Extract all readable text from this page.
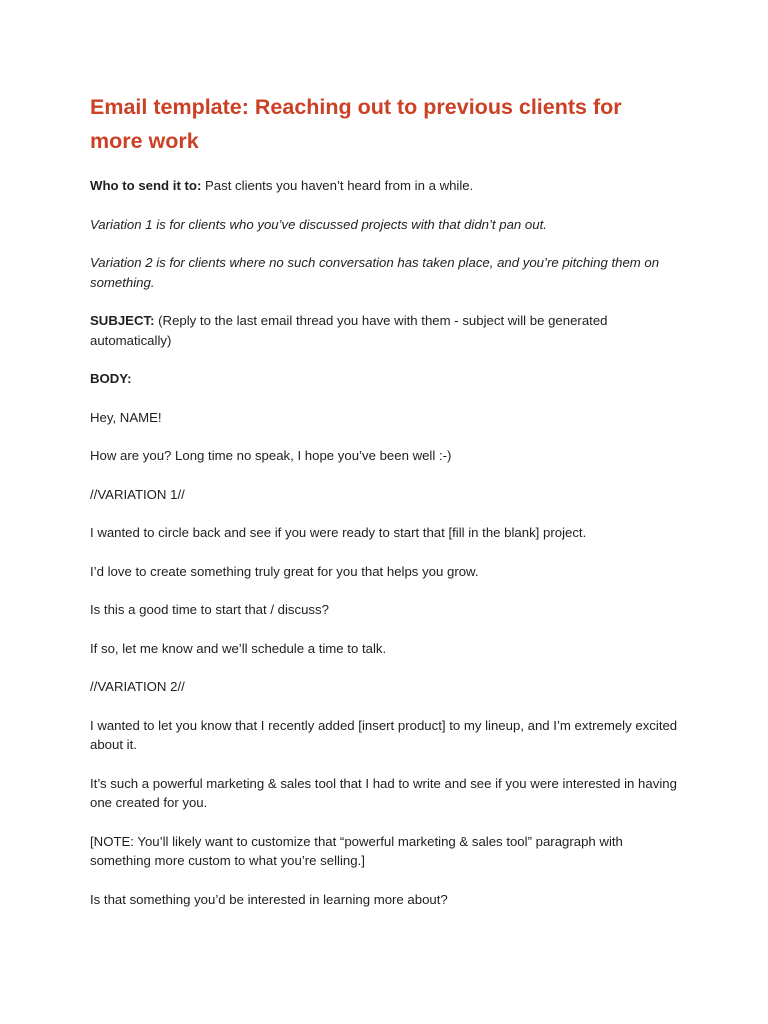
Email template: Reaching out to previous clients for more work

Who to send it to: Past clients you haven’t heard from in a while.

Variation 1 is for clients who you’ve discussed projects with that didn’t pan out.

Variation 2 is for clients where no such conversation has taken place, and you’re pitching them on something.

SUBJECT: (Reply to the last email thread you have with them - subject will be generated automatically)

BODY:

Hey, NAME!

How are you? Long time no speak, I hope you’ve been well :-)

//VARIATION 1//

I wanted to circle back and see if you were ready to start that [fill in the blank] project.

I’d love to create something truly great for you that helps you grow.

Is this a good time to start that / discuss?

If so, let me know and we’ll schedule a time to talk.

//VARIATION 2//

I wanted to let you know that I recently added [insert product] to my lineup, and I’m extremely excited about it.

It’s such a powerful marketing & sales tool that I had to write and see if you were interested in having one created for you.

[NOTE: You’ll likely want to customize that “powerful marketing & sales tool” paragraph with something more custom to what you’re selling.]

Is that something you’d be interested in learning more about?
